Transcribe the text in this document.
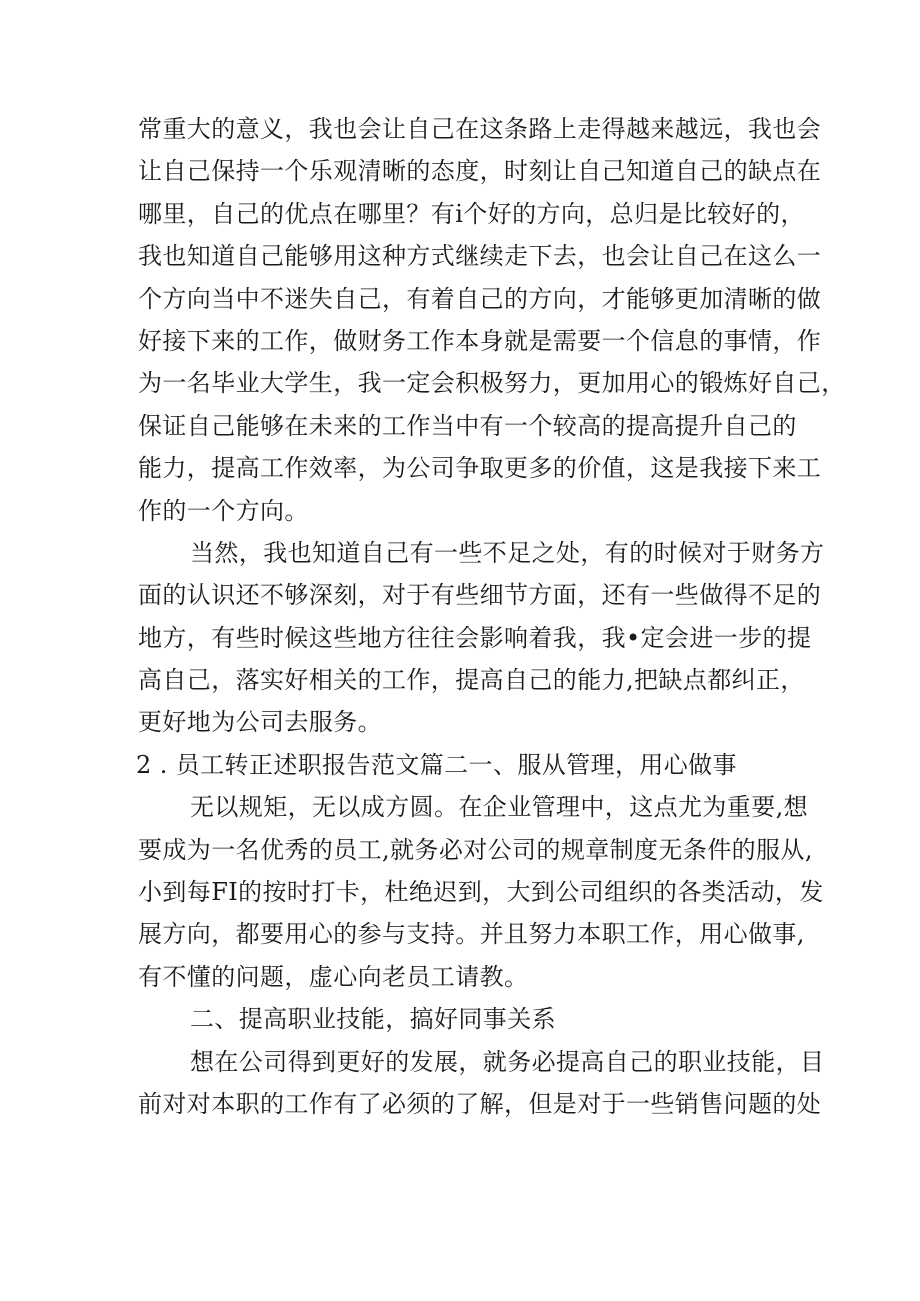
常重大的意义，我也会让自己在这条路上走得越来越远，我也会
让自己保持一个乐观清晰的态度，时刻让自己知道自己的缺点在
哪里，自己的优点在哪里？有i个好的方向，总归是比较好的，
我也知道自己能够用这种方式继续走下去，也会让自己在这么一
个方向当中不迷失自己，有着自己的方向，才能够更加清晰的做
好接下来的工作，做财务工作本身就是需要一个信息的事情，作
为一名毕业大学生，我一定会积极努力，更加用心的锻炼好自己，
保证自己能够在未来的工作当中有一个较高的提高提升自己的
能力，提高工作效率，为公司争取更多的价值，这是我接下来工
作的一个方向。
当然，我也知道自己有一些不足之处，有的时候对于财务方
面的认识还不够深刻，对于有些细节方面，还有一些做得不足的
地方，有些时候这些地方往往会影响着我，我•定会进一步的提
高自己，落实好相关的工作，提高自己的能力,把缺点都纠正，
更好地为公司去服务。
2 . 员工转正述职报告范文篇二一、服从管理，用心做事
无以规矩，无以成方圆。在企业管理中，这点尤为重要,想
要成为一名优秀的员工,就务必对公司的规章制度无条件的服从,
小到每FI的按时打卡，杜绝迟到，大到公司组织的各类活动，发
展方向，都要用心的参与支持。并且努力本职工作，用心做事,
有不懂的问题，虚心向老员工请教。
二、提高职业技能，搞好同事关系
想在公司得到更好的发展，就务必提高自己的职业技能，目
前对对本职的工作有了必须的了解，但是对于一些销售问题的处
